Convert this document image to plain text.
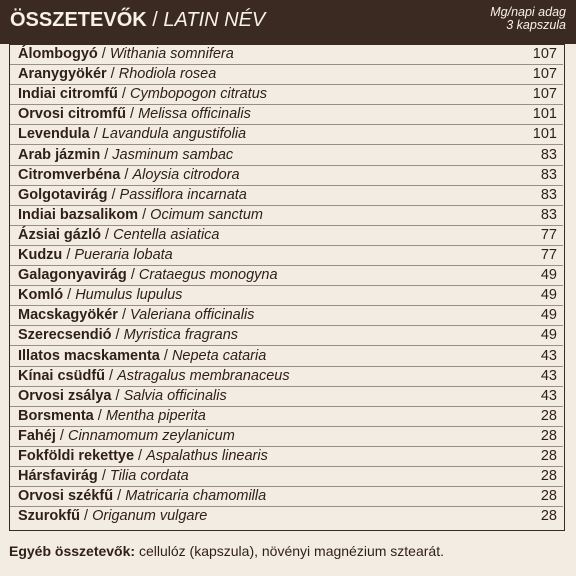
ÖSSZETEVŐK / LATIN NÉV	Mg/napi adag
3 kapszula
Álombogyó / Withania somnifera	107
Aranygyökér / Rhodiola rosea	107
Indiai citromfű / Cymbopogon citratus	107
Orvosi citromfű / Melissa officinalis	101
Levendula / Lavandula angustifolia	101
Arab jázmin / Jasminum sambac	83
Citromverbéna / Aloysia citrodora	83
Golgotavirág / Passiflora incarnata	83
Indiai bazsalikom / Ocimum sanctum	83
Ázsiai gázló / Centella asiatica	77
Kudzu / Pueraria lobata	77
Galagonyavirág / Crataegus monogyna	49
Komló / Humulus lupulus	49
Macskagyökér / Valeriana officinalis	49
Szerecsendió / Myristica fragrans	49
Illatos macskamenta / Nepeta cataria	43
Kínai csüdfű / Astragalus membranaceus	43
Orvosi zsálya / Salvia officinalis	43
Borsmenta / Mentha piperita	28
Fahéj / Cinnamomum zeylanicum	28
Fokföldi rekettye / Aspalathus linearis	28
Hársfavirág / Tilia cordata	28
Orvosi székfű / Matricaria chamomilla	28
Szurokfű / Origanum vulgare	28
Egyéb összetevők: cellulóz (kapszula), növényi magnézium sztearát.
